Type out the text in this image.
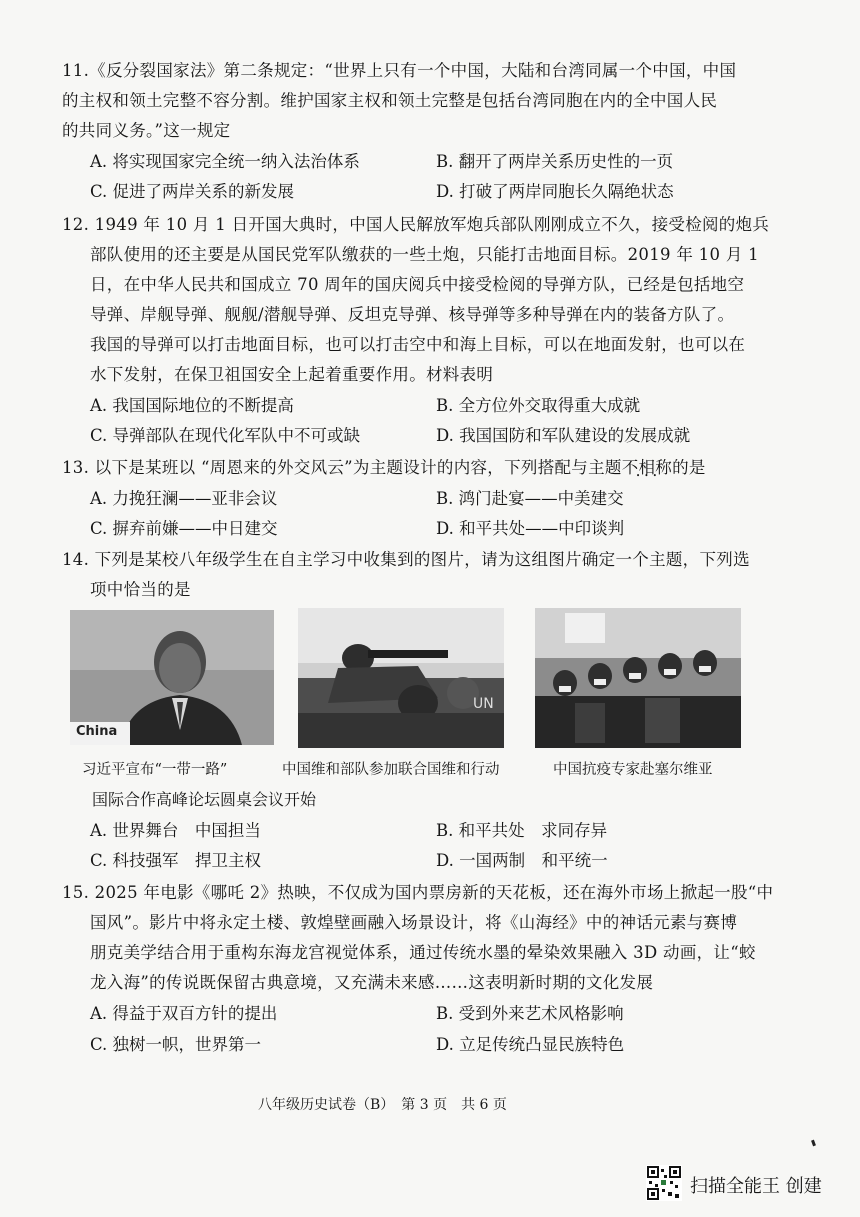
11.《反分裂国家法》第二条规定：“世界上只有一个中国，大陆和台湾同属一个中国，中国
的主权和领土完整不容分割。维护国家主权和领土完整是包括台湾同胞在内的全中国人民
的共同义务。”这一规定
A. 将实现国家完全统一纳入法治体系	B. 翻开了两岸关系历史性的一页
C. 促进了两岸关系的新发展	D. 打破了两岸同胞长久隔绝状态
12. 1949 年 10 月 1 日开国大典时，中国人民解放军炮兵部队刚刚成立不久，接受检阅的炮兵
部队使用的还主要是从国民党军队缴获的一些土炮，只能打击地面目标。2019 年 10 月 1
日，在中华人民共和国成立 70 周年的国庆阅兵中接受检阅的导弹方队，已经是包括地空
导弹、岸舰导弹、舰舰/潜舰导弹、反坦克导弹、核导弹等多种导弹在内的装备方队了。
我国的导弹可以打击地面目标，也可以打击空中和海上目标，可以在地面发射，也可以在
水下发射，在保卫祖国安全上起着重要作用。材料表明
A. 我国国际地位的不断提高	B. 全方位外交取得重大成就
C. 导弹部队在现代化军队中不可或缺	D. 我国国防和军队建设的发展成就
13. 以下是某班以 “周恩来的外交风云”为主题设计的内容，下列搭配与主题不相称 • • •的是
A. 力挽狂澜——亚非会议	B. 鸿门赴宴——中美建交
C. 摒弃前嫌——中日建交	D. 和平共处——中印谈判
14. 下列是某校八年级学生在自主学习中收集到的图片，请为这组图片确定一个主题，下列选
项中恰当的是
China
UN
习近平宣布“一带一路”	中国维和部队参加联合国维和行动	中国抗疫专家赴塞尔维亚
国际合作高峰论坛圆桌会议开始
A. 世界舞台　中国担当	B. 和平共处　求同存异
C. 科技强军　捍卫主权	D. 一国两制　和平统一
15. 2025 年电影《哪吒 2》热映，不仅成为国内票房新的天花板，还在海外市场上掀起一股“中
国风”。影片中将永定土楼、敦煌壁画融入场景设计，将《山海经》中的神话元素与赛博
朋克美学结合用于重构东海龙宫视觉体系，通过传统水墨的晕染效果融入 3D 动画，让“蛟
龙入海”的传说既保留古典意境，又充满未来感……这表明新时期的文化发展
A. 得益于双百方针的提出	B. 受到外来艺术风格影响
C. 独树一帜，世界第一	D. 立足传统凸显民族特色
八年级历史试卷（B）　第 3 页　共 6 页
扫描全能王 创建
